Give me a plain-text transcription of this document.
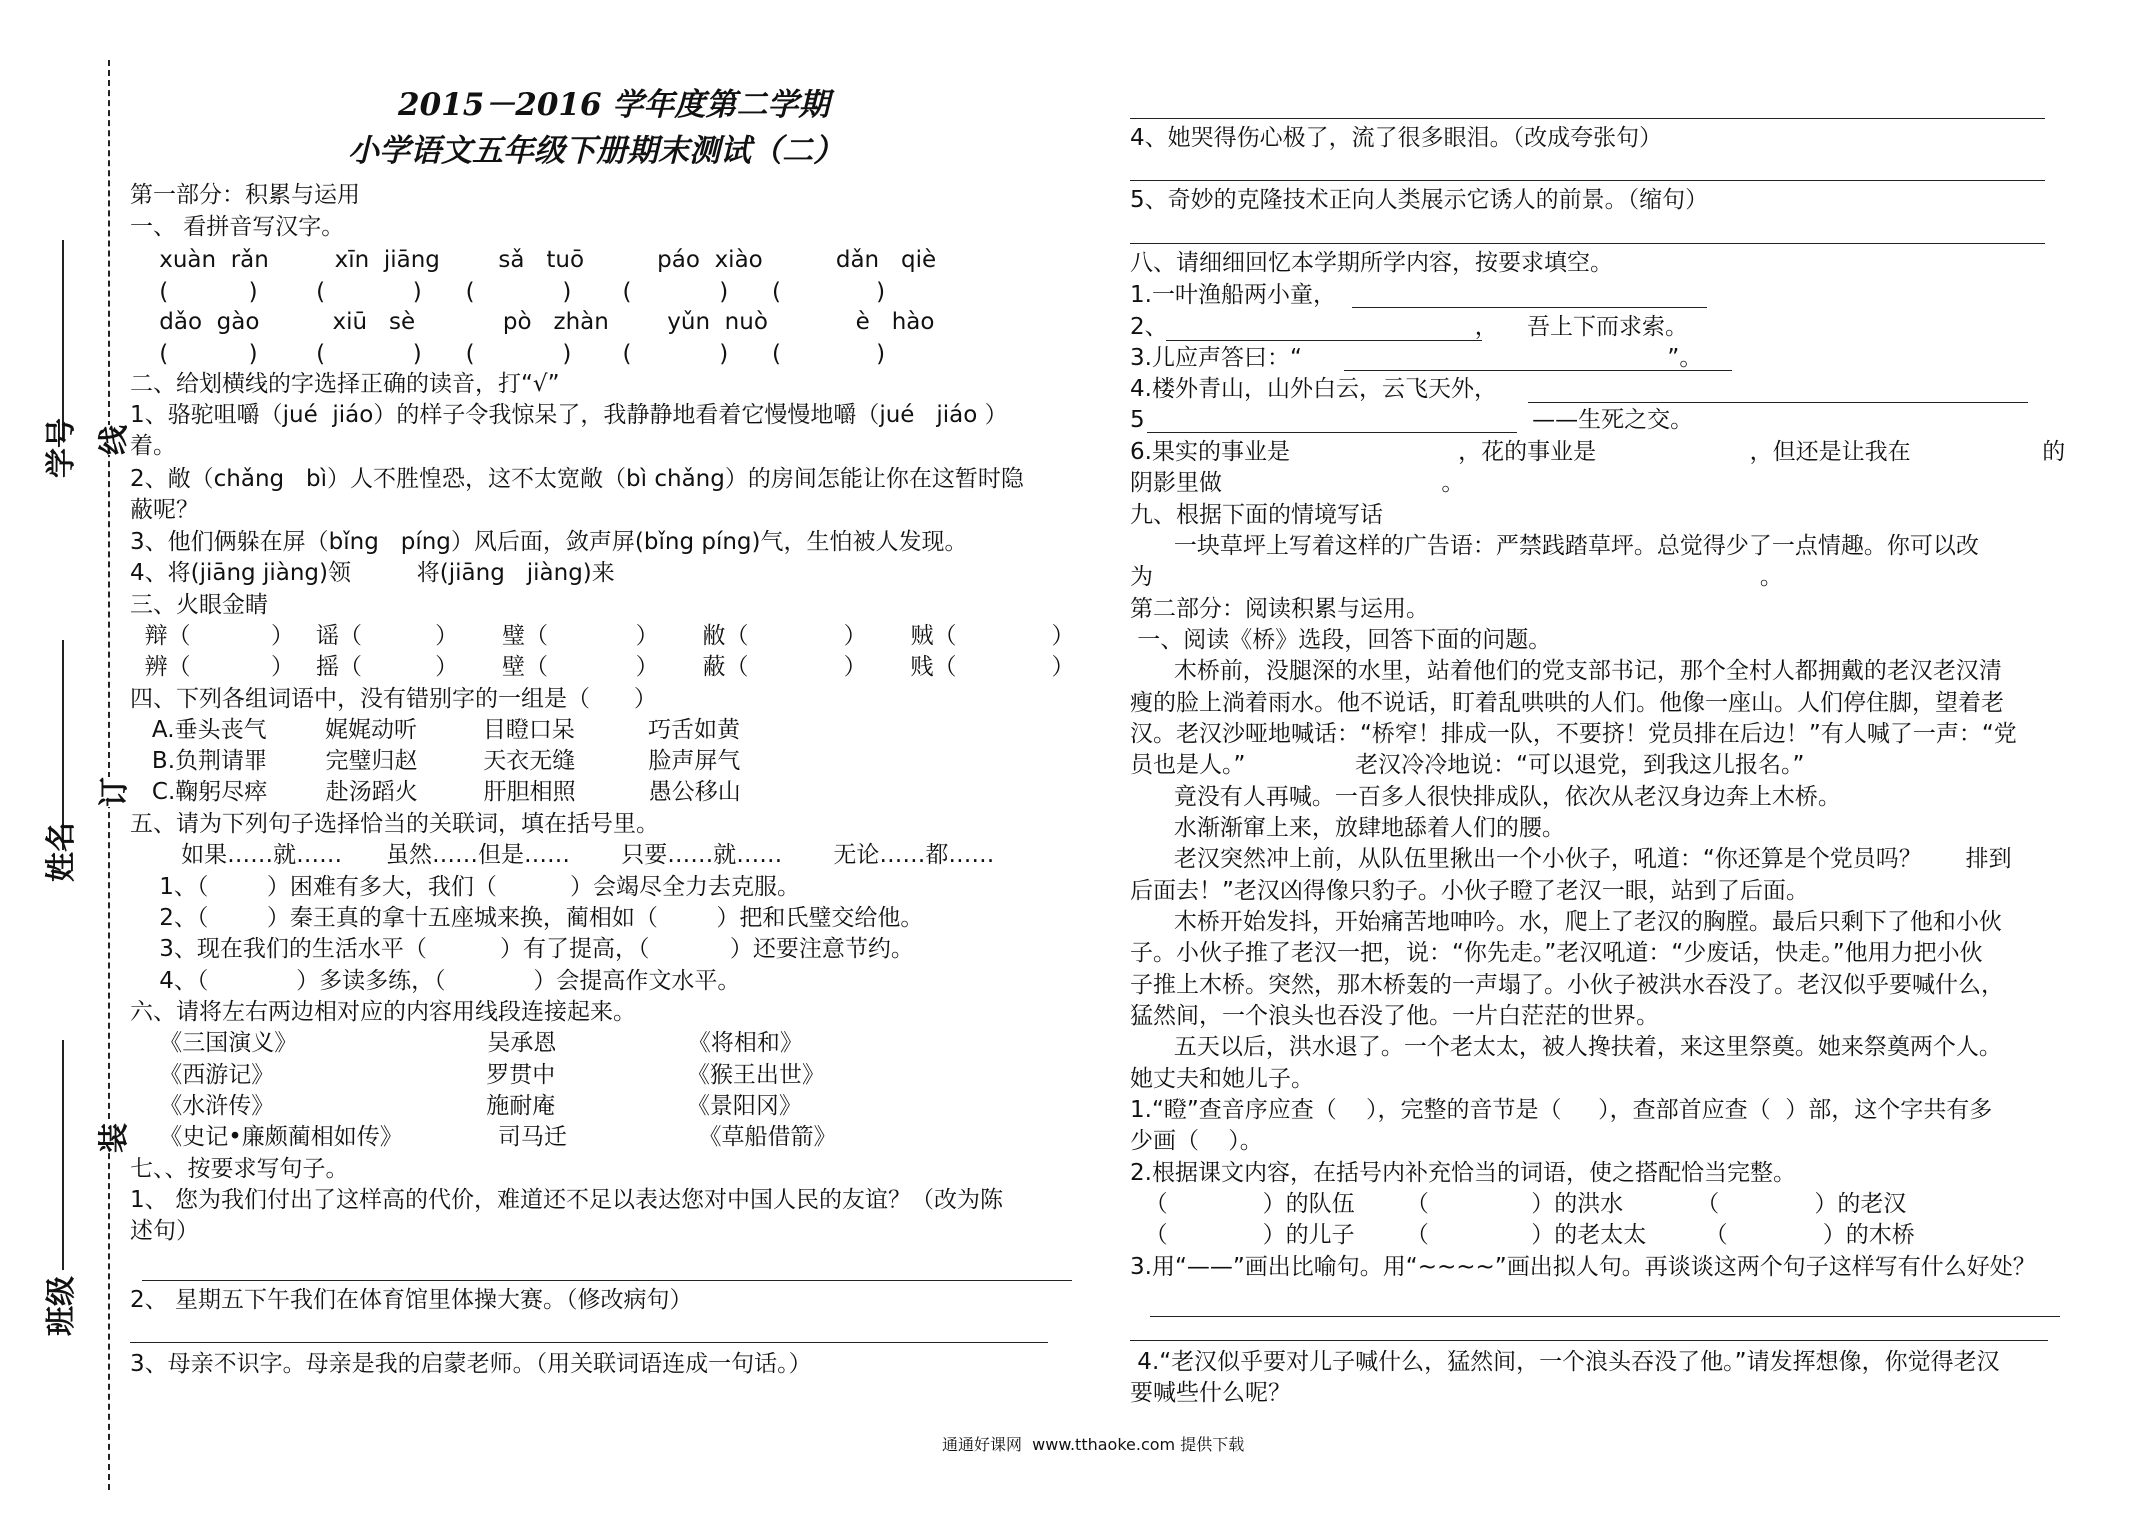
2015－2016 学年度第二学期
小学语文五年级下册期末测试（二）
学号
姓名
班级
线
订
装
第一部分：积累与运用
一、 看拼音写汉字。
xuàn  rǎn         xīn  jiāng        sǎ   tuō          páo  xiào          dǎn   qiè
(           )        (            )      (            )       (            )      (             )
dǎo  gào          xiū   sè            pò   zhàn        yǔn  nuò            è   hào
(           )        (            )      (            )       (            )      (             )
二、给划横线的字选择正确的读音，打“√”
1、骆驼咀嚼（jué  jiáo）的样子令我惊呆了，我静静地看着它慢慢地嚼（jué   jiáo ）
着。
2、敞（chǎng   bì）人不胜惶恐，这不太宽敞（bì chǎng）的房间怎能让你在这暂时隐
蔽呢？
3、他们俩躲在屏（bǐng   píng）风后面，敛声屏(bǐng píng)气，生怕被人发现。
4、将(jiāng jiàng)领         将(jiāng   jiàng)来
三、火眼金睛
辩（           ）   谣（          ）      璧（            ）      敝（             ）      贼（             ）
辨（           ）   摇（          ）      壁（            ）      蔽（             ）      贱（             ）
四、下列各组词语中，没有错别字的一组是（      ）
A.垂头丧气        娓娓动听         目瞪口呆          巧舌如黄
B.负荆请罪        完璧归赵         天衣无缝          脸声屏气
C.鞠躬尽瘁        赴汤蹈火         肝胆相照          愚公移山
五、请为下列句子选择恰当的关联词，填在括号里。
如果……就……      虽然……但是……       只要……就……       无论……都……
1、（        ）困难有多大，我们（          ）会竭尽全力去克服。
2、（        ）秦王真的拿十五座城来换，蔺相如（        ）把和氏璧交给他。
3、现在我们的生活水平（          ）有了提高，（           ）还要注意节约。
4、（            ）多读多练，（            ）会提高作文水平。
六、请将左右两边相对应的内容用线段连接起来。
《三国演义》                          吴承恩                  《将相和》
《西游记》                             罗贯中                  《猴王出世》
《水浒传》                             施耐庵                  《景阳冈》
《史记•廉颇蔺相如传》             司马迁                  《草船借箭》
七、、按要求写句子。
1、 您为我们付出了这样高的代价，难道还不足以表达您对中国人民的友谊？（改为陈
述句）
2、 星期五下午我们在体育馆里体操大赛。（修改病句）
3、母亲不识字。母亲是我的启蒙老师。（用关联词语连成一句话。）
4、她哭得伤心极了，流了很多眼泪。（改成夸张句）
5、奇妙的克隆技术正向人类展示它诱人的前景。（缩句）
八、请细细回忆本学期所学内容，按要求填空。
1.一叶渔船两小童，
2、                                          ，    吾上下而求索。
3.儿应声答曰：“                                                  ”。
4.楼外青山，山外白云，云飞天外，
5                                                     ——生死之交。
6.果实的事业是                       ，花的事业是                     ，但还是让我在                  的
阴影里做                              。
九、根据下面的情境写话
一块草坪上写着这样的广告语：严禁践踏草坪。总觉得少了一点情趣。你可以改
为                                                                                   。
第二部分：阅读积累与运用。
一、阅读《桥》选段，回答下面的问题。
木桥前，没腿深的水里，站着他们的党支部书记，那个全村人都拥戴的老汉老汉清
瘦的脸上淌着雨水。他不说话，盯着乱哄哄的人们。他像一座山。人们停住脚，望着老
汉。老汉沙哑地喊话：“桥窄！排成一队，不要挤！党员排在后边！”有人喊了一声：“党
员也是人。”               老汉冷冷地说：“可以退党，到我这儿报名。”
竟没有人再喊。一百多人很快排成队，依次从老汉身边奔上木桥。
水渐渐窜上来，放肆地舔着人们的腰。
老汉突然冲上前，从队伍里揪出一个小伙子，吼道：“你还算是个党员吗？      排到
后面去！”老汉凶得像只豹子。小伙子瞪了老汉一眼，站到了后面。
木桥开始发抖，开始痛苦地呻吟。水，爬上了老汉的胸膛。最后只剩下了他和小伙
子。小伙子推了老汉一把，说：“你先走。”老汉吼道：“少废话，快走。”他用力把小伙
子推上木桥。突然，那木桥轰的一声塌了。小伙子被洪水吞没了。老汉似乎要喊什么，
猛然间，一个浪头也吞没了他。一片白茫茫的世界。
五天以后，洪水退了。一个老太太，被人搀扶着，来这里祭奠。她来祭奠两个人。
她丈夫和她儿子。
1.“瞪”查音序应查（    ），完整的音节是（     ），查部首应查（  ）部，这个字共有多
少画（    ）。
2.根据课文内容，在括号内补充恰当的词语，使之搭配恰当完整。
（             ）的队伍       （              ）的洪水          （             ）的老汉
（             ）的儿子       （              ）的老太太        （             ）的木桥
3.用“——”画出比喻句。用“~~~~”画出拟人句。再谈谈这两个句子这样写有什么好处？
4.“老汉似乎要对儿子喊什么，猛然间，一个浪头吞没了他。”请发挥想像，你觉得老汉
要喊些什么呢？
通通好课网  www.tthaoke.com 提供下载
